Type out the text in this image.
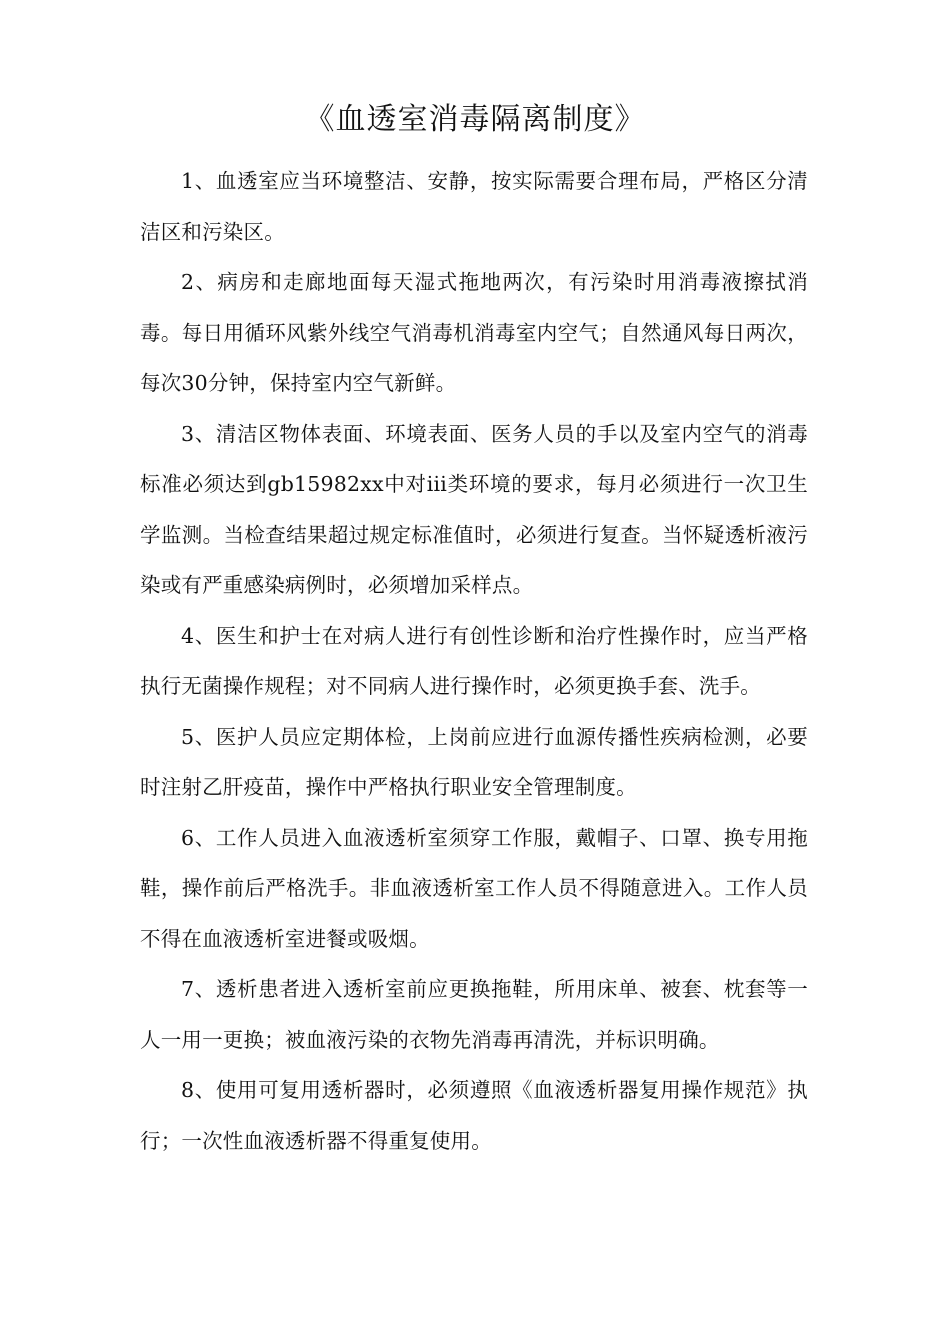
《血透室消毒隔离制度》

1、血透室应当环境整洁、安静，按实际需要合理布局，严格区分清洁区和污染区。

2、病房和走廊地面每天湿式拖地两次，有污染时用消毒液擦拭消毒。每日用循环风紫外线空气消毒机消毒室内空气；自然通风每日两次，每次30分钟，保持室内空气新鲜。

3、清洁区物体表面、环境表面、医务人员的手以及室内空气的消毒标准必须达到gb15982xx中对iii类环境的要求，每月必须进行一次卫生学监测。当检查结果超过规定标准值时，必须进行复查。当怀疑透析液污染或有严重感染病例时，必须增加采样点。

4、医生和护士在对病人进行有创性诊断和治疗性操作时，应当严格执行无菌操作规程；对不同病人进行操作时，必须更换手套、洗手。

5、医护人员应定期体检，上岗前应进行血源传播性疾病检测，必要时注射乙肝疫苗，操作中严格执行职业安全管理制度。

6、工作人员进入血液透析室须穿工作服，戴帽子、口罩、换专用拖鞋，操作前后严格洗手。非血液透析室工作人员不得随意进入。工作人员不得在血液透析室进餐或吸烟。

7、透析患者进入透析室前应更换拖鞋，所用床单、被套、枕套等一人一用一更换；被血液污染的衣物先消毒再清洗，并标识明确。

8、使用可复用透析器时，必须遵照《血液透析器复用操作规范》执行；一次性血液透析器不得重复使用。
